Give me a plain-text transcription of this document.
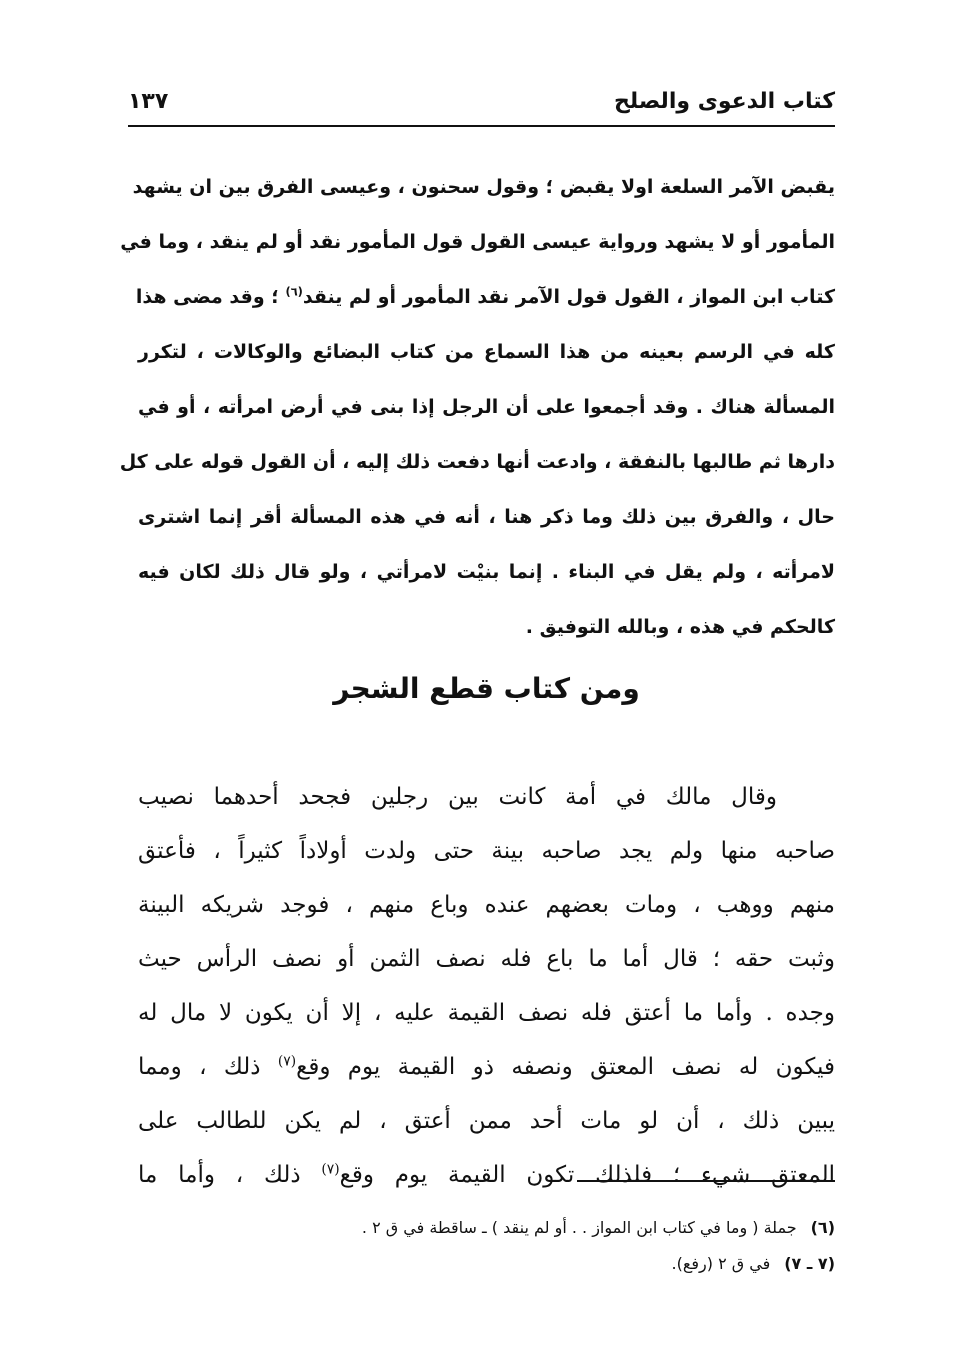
كتاب الدعوى والصلح
١٣٧
يقبض الآمر السلعة اولا يقبض ؛ وقول سحنون ، وعيسى الفرق بين ان يشهد
المأمور أو لا يشهد ورواية عيسى القول قول المأمور نقد أو لم ينقد ، وما في
كتاب ابن المواز ، القول قول الآمر نقد المأمور أو لم ينقد$^{(٦)}$ ؛ وقد مضى هذا
كله في الرسم بعينه من هذا السماع من كتاب البضائع والوكالات ، لتكرر
المسألة هناك . وقد أجمعوا على أن الرجل إذا بنى في أرض امرأته ، أو في
دارها ثم طالبها بالنفقة ، وادعت أنها دفعت ذلك إليه ، أن القول قوله على كل
حال ، والفرق بين ذلك وما ذكر هنا ، أنه في هذه المسألة أقر إنما اشترى
لامرأته ، ولم يقل في البناء . إنما بنيْت لامرأتي ، ولو قال ذلك لكان فيه
كالحكم في هذه ، وبالله التوفيق .
ومن كتاب قطع الشجر
وقال مالك في أمة كانت بين رجلين فجحد أحدهما نصيب
صاحبه منها ولم يجد صاحبه بينة حتى ولدت أولاداً كثيراً ، فأعتق
منهم ووهب ، ومات بعضهم عنده وباع منهم ، فوجد شريكه البينة
وثبت حقه ؛ قال أما ما باع فله نصف الثمن أو نصف الرأس حيث
وجده . وأما ما أعتق فله نصف القيمة عليه ، إلا أن يكون لا مال له
فيكون له نصف المعتق ونصفه ذو القيمة يوم وقع$^{(٧)}$ ذلك ، ومما
يبين ذلك ، أن لو مات أحد ممن أعتق ، لم يكن للطالب على
المعتق شيء ؛ فلذلك تكون القيمة يوم وقع$^{(٧)}$ ذلك ، وأما ما
(٦)جملة ( وما في كتاب ابن المواز . . أو لم ينقد ) ـ ساقطة في ق ٢ .
(٧ ـ ٧)في ق ٢ (رفع).
